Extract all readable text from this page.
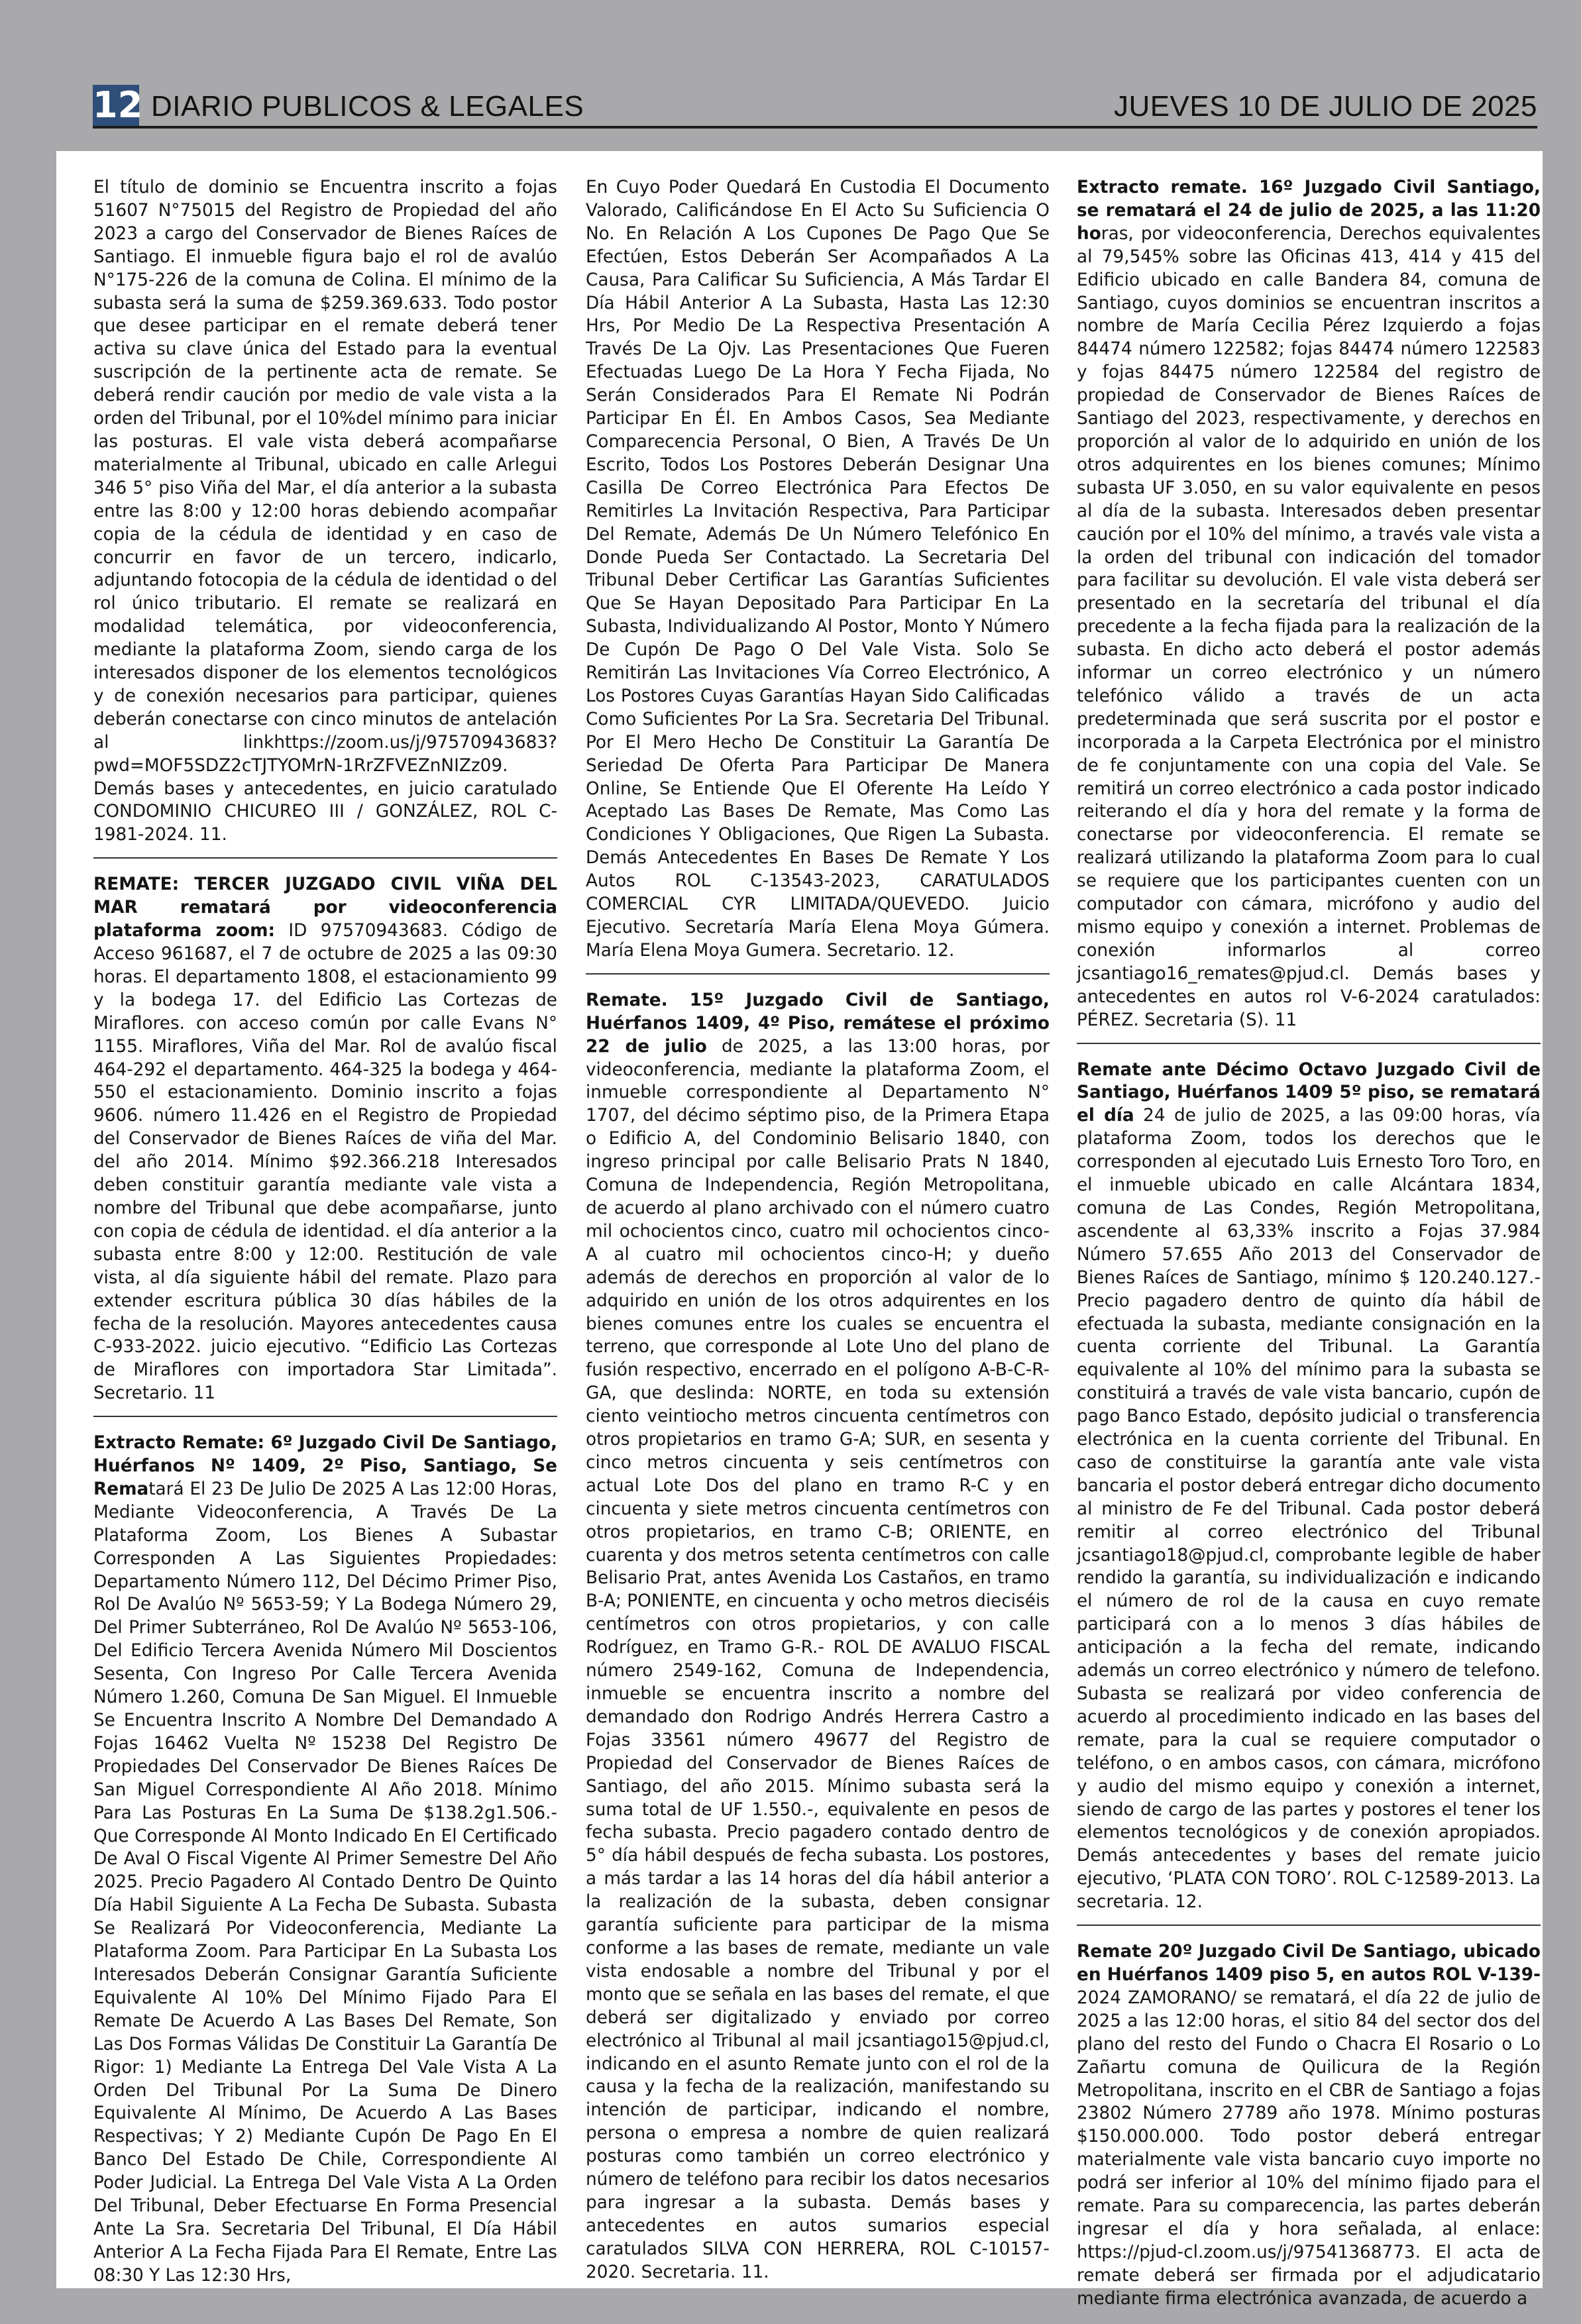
12 DIARIO PUBLICOS & LEGALES	JUEVES 10 DE JULIO DE 2025

El título de dominio se Encuentra inscrito a fojas 51607 N°75015 del Registro de Propiedad del año 2023 a cargo del Conservador de Bienes Raíces de Santiago. El inmueble figura bajo el rol de avalúo N°175-226 de la comuna de Colina. El mínimo de la subasta será la suma de $259.369.633. Todo postor que desee participar en el remate deberá tener activa su clave única del Estado para la eventual suscripción de la pertinente acta de remate. Se deberá rendir caución por medio de vale vista a la orden del Tribunal, por el 10%del mínimo para iniciar las posturas. El vale vista deberá acompañarse materialmente al Tribunal, ubicado en calle Arlegui 346 5° piso Viña del Mar, el día anterior a la subasta entre las 8:00 y 12:00 horas debiendo acompañar copia de la cédula de identidad y en caso de concurrir en favor de un tercero, indicarlo, adjuntando fotocopia de la cédula de identidad o del rol único tributario. El remate se realizará en modalidad telemática, por videoconferencia, mediante la plataforma Zoom, siendo carga de los interesados disponer de los elementos tecnológicos y de conexión necesarios para participar, quienes deberán conectarse con cinco minutos de antelación al linkhttps://zoom.us/j/97570943683?pwd=MOF5SDZ2cTJTYOMrN-1RrZFVEZnNIZz09. Demás bases y antecedentes, en juicio caratulado CONDOMINIO CHICUREO III / GONZÁLEZ, ROL C-1981-2024. 11.

REMATE: TERCER JUZGADO CIVIL VIÑA DEL MAR rematará por videoconferencia plataforma zoom: ID 97570943683. Código de Acceso 961687, el 7 de octubre de 2025 a las 09:30 horas. El departamento 1808, el estacionamiento 99 y la bodega 17. del Edificio Las Cortezas de Miraflores. con acceso común por calle Evans N° 1155. Miraflores, Viña del Mar. Rol de avalúo fiscal 464-292 el departamento. 464-325 la bodega y 464-550 el estacionamiento. Dominio inscrito a fojas 9606. número 11.426 en el Registro de Propiedad del Conservador de Bienes Raíces de viña del Mar. del año 2014. Mínimo $92.366.218 Interesados deben constituir garantía mediante vale vista a nombre del Tribunal que debe acompañarse, junto con copia de cédula de identidad. el día anterior a la subasta entre 8:00 y 12:00. Restitución de vale vista, al día siguiente hábil del remate. Plazo para extender escritura pública 30 días hábiles de la fecha de la resolución. Mayores antecedentes causa C-933-2022. juicio ejecutivo. “Edificio Las Cortezas de Miraflores con importadora Star Limitada”. Secretario. 11

Extracto Remate: 6º Juzgado Civil De Santiago, Huérfanos Nº 1409, 2º Piso, Santiago, Se Rematará El 23 De Julio De 2025 A Las 12:00 Horas, Mediante Videoconferencia, A Través De La Plataforma Zoom, Los Bienes A Subastar Corresponden A Las Siguientes Propiedades: Departamento Número 112, Del Décimo Primer Piso, Rol De Avalúo Nº 5653-59; Y La Bodega Número 29, Del Primer Subterráneo, Rol De Avalúo Nº 5653-106, Del Edificio Tercera Avenida Número Mil Doscientos Sesenta, Con Ingreso Por Calle Tercera Avenida Número 1.260, Comuna De San Miguel. El Inmueble Se Encuentra Inscrito A Nombre Del Demandado A Fojas 16462 Vuelta Nº 15238 Del Registro De Propiedades Del Conservador De Bienes Raíces De San Miguel Correspondiente Al Año 2018. Mínimo Para Las Posturas En La Suma De $138.2g1.506.- Que Corresponde Al Monto Indicado En El Certificado De Aval O Fiscal Vigente Al Primer Semestre Del Año 2025. Precio Pagadero Al Contado Dentro De Quinto Día Habil Siguiente A La Fecha De Subasta. Subasta Se Realizará Por Videoconferencia, Mediante La Plataforma Zoom. Para Participar En La Subasta Los Interesados Deberán Consignar Garantía Suficiente Equivalente Al 10% Del Mínimo Fijado Para El Remate De Acuerdo A Las Bases Del Remate, Son Las Dos Formas Válidas De Constituir La Garantía De Rigor: 1) Mediante La Entrega Del Vale Vista A La Orden Del Tribunal Por La Suma De Dinero Equivalente Al Mínimo, De Acuerdo A Las Bases Respectivas; Y 2) Mediante Cupón De Pago En El Banco Del Estado De Chile, Correspondiente Al Poder Judicial. La Entrega Del Vale Vista A La Orden Del Tribunal, Deber Efectuarse En Forma Presencial Ante La Sra. Secretaria Del Tribunal, El Día Hábil Anterior A La Fecha Fijada Para El Remate, Entre Las 08:30 Y Las 12:30 Hrs,

En Cuyo Poder Quedará En Custodia El Documento Valorado, Calificándose En El Acto Su Suficiencia O No. En Relación A Los Cupones De Pago Que Se Efectúen, Estos Deberán Ser Acompañados A La Causa, Para Calificar Su Suficiencia, A Más Tardar El Día Hábil Anterior A La Subasta, Hasta Las 12:30 Hrs, Por Medio De La Respectiva Presentación A Través De La Ojv. Las Presentaciones Que Fueren Efectuadas Luego De La Hora Y Fecha Fijada, No Serán Considerados Para El Remate Ni Podrán Participar En Él. En Ambos Casos, Sea Mediante Comparecencia Personal, O Bien, A Través De Un Escrito, Todos Los Postores Deberán Designar Una Casilla De Correo Electrónica Para Efectos De Remitirles La Invitación Respectiva, Para Participar Del Remate, Además De Un Número Telefónico En Donde Pueda Ser Contactado. La Secretaria Del Tribunal Deber Certificar Las Garantías Suficientes Que Se Hayan Depositado Para Participar En La Subasta, Individualizando Al Postor, Monto Y Número De Cupón De Pago O Del Vale Vista. Solo Se Remitirán Las Invitaciones Vía Correo Electrónico, A Los Postores Cuyas Garantías Hayan Sido Calificadas Como Suficientes Por La Sra. Secretaria Del Tribunal. Por El Mero Hecho De Constituir La Garantía De Seriedad De Oferta Para Participar De Manera Online, Se Entiende Que El Oferente Ha Leído Y Aceptado Las Bases De Remate, Mas Como Las Condiciones Y Obligaciones, Que Rigen La Subasta. Demás Antecedentes En Bases De Remate Y Los Autos ROL C-13543-2023, CARATULADOS COMERCIAL CYR LIMITADA/QUEVEDO. Juicio Ejecutivo. Secretaría María Elena Moya Gúmera. María Elena Moya Gumera. Secretario. 12.

Remate. 15º Juzgado Civil de Santiago, Huérfanos 1409, 4º Piso, remátese el próximo 22 de julio de 2025, a las 13:00 horas, por videoconferencia, mediante la plataforma Zoom, el inmueble correspondiente al Departamento N° 1707, del décimo séptimo piso, de la Primera Etapa o Edificio A, del Condominio Belisario 1840, con ingreso principal por calle Belisario Prats N 1840, Comuna de Independencia, Región Metropolitana, de acuerdo al plano archivado con el número cuatro mil ochocientos cinco, cuatro mil ochocientos cinco-A al cuatro mil ochocientos cinco-H; y dueño además de derechos en proporción al valor de lo adquirido en unión de los otros adquirentes en los bienes comunes entre los cuales se encuentra el terreno, que corresponde al Lote Uno del plano de fusión respectivo, encerrado en el polígono A-B-C-R-GA, que deslinda: NORTE, en toda su extensión ciento veintiocho metros cincuenta centímetros con otros propietarios en tramo G-A; SUR, en sesenta y cinco metros cincuenta y seis centímetros con actual Lote Dos del plano en tramo R-C y en cincuenta y siete metros cincuenta centímetros con otros propietarios, en tramo C-B; ORIENTE, en cuarenta y dos metros setenta centímetros con calle Belisario Prat, antes Avenida Los Castaños, en tramo B-A; PONIENTE, en cincuenta y ocho metros dieciséis centímetros con otros propietarios, y con calle Rodríguez, en Tramo G-R.- ROL DE AVALUO FISCAL número 2549-162, Comuna de Independencia, inmueble se encuentra inscrito a nombre del demandado don Rodrigo Andrés Herrera Castro a Fojas 33561 número 49677 del Registro de Propiedad del Conservador de Bienes Raíces de Santiago, del año 2015. Mínimo subasta será la suma total de UF 1.550.-, equivalente en pesos de fecha subasta. Precio pagadero contado dentro de 5° día hábil después de fecha subasta. Los postores, a más tardar a las 14 horas del día hábil anterior a la realización de la subasta, deben consignar garantía suficiente para participar de la misma conforme a las bases de remate, mediante un vale vista endosable a nombre del Tribunal y por el monto que se señala en las bases del remate, el que deberá ser digitalizado y enviado por correo electrónico al Tribunal al mail jcsantiago15@pjud.cl, indicando en el asunto Remate junto con el rol de la causa y la fecha de la realización, manifestando su intención de participar, indicando el nombre, persona o empresa a nombre de quien realizará posturas como también un correo electrónico y número de teléfono para recibir los datos necesarios para ingresar a la subasta. Demás bases y antecedentes en autos sumarios especial caratulados SILVA CON HERRERA, ROL C-10157-2020. Secretaria. 11.

Extracto remate. 16º Juzgado Civil Santiago, se rematará el 24 de julio de 2025, a las 11:20 horas, por videoconferencia, Derechos equivalentes al 79,545% sobre las Oficinas 413, 414 y 415 del Edificio ubicado en calle Bandera 84, comuna de Santiago, cuyos dominios se encuentran inscritos a nombre de María Cecilia Pérez Izquierdo a fojas 84474 número 122582; fojas 84474 número 122583 y fojas 84475 número 122584 del registro de propiedad de Conservador de Bienes Raíces de Santiago del 2023, respectivamente, y derechos en proporción al valor de lo adquirido en unión de los otros adquirentes en los bienes comunes; Mínimo subasta UF 3.050, en su valor equivalente en pesos al día de la subasta. Interesados deben presentar caución por el 10% del mínimo, a través vale vista a la orden del tribunal con indicación del tomador para facilitar su devolución. El vale vista deberá ser presentado en la secretaría del tribunal el día precedente a la fecha fijada para la realización de la subasta. En dicho acto deberá el postor además informar un correo electrónico y un número telefónico válido a través de un acta predeterminada que será suscrita por el postor e incorporada a la Carpeta Electrónica por el ministro de fe conjuntamente con una copia del Vale. Se remitirá un correo electrónico a cada postor indicado reiterando el día y hora del remate y la forma de conectarse por videoconferencia. El remate se realizará utilizando la plataforma Zoom para lo cual se requiere que los participantes cuenten con un computador con cámara, micrófono y audio del mismo equipo y conexión a internet. Problemas de conexión informarlos al correo jcsantiago16_remates@pjud.cl. Demás bases y antecedentes en autos rol V-6-2024 caratulados: PÉREZ. Secretaria (S). 11

Remate ante Décimo Octavo Juzgado Civil de Santiago, Huérfanos 1409 5º piso, se rematará el día 24 de julio de 2025, a las 09:00 horas, vía plataforma Zoom, todos los derechos que le corresponden al ejecutado Luis Ernesto Toro Toro, en el inmueble ubicado en calle Alcántara 1834, comuna de Las Condes, Región Metropolitana, ascendente al 63,33% inscrito a Fojas 37.984 Número 57.655 Año 2013 del Conservador de Bienes Raíces de Santiago, mínimo $ 120.240.127.- Precio pagadero dentro de quinto día hábil de efectuada la subasta, mediante consignación en la cuenta corriente del Tribunal. La Garantía equivalente al 10% del mínimo para la subasta se constituirá a través de vale vista bancario, cupón de pago Banco Estado, depósito judicial o transferencia electrónica en la cuenta corriente del Tribunal. En caso de constituirse la garantía ante vale vista bancaria el postor deberá entregar dicho documento al ministro de Fe del Tribunal. Cada postor deberá remitir al correo electrónico del Tribunal jcsantiago18@pjud.cl, comprobante legible de haber rendido la garantía, su individualización e indicando el número de rol de la causa en cuyo remate participará con a lo menos 3 días hábiles de anticipación a la fecha del remate, indicando además un correo electrónico y número de telefono. Subasta se realizará por video conferencia de acuerdo al procedimiento indicado en las bases del remate, para la cual se requiere computador o teléfono, o en ambos casos, con cámara, micrófono y audio del mismo equipo y conexión a internet, siendo de cargo de las partes y postores el tener los elementos tecnológicos y de conexión apropiados. Demás antecedentes y bases del remate juicio ejecutivo, ‘PLATA CON TORO’. ROL C-12589-2013. La secretaria. 12.

Remate 20º Juzgado Civil De Santiago, ubicado en Huérfanos 1409 piso 5, en autos ROL V-139-2024 ZAMORANO/ se rematará, el día 22 de julio de 2025 a las 12:00 horas, el sitio 84 del sector dos del plano del resto del Fundo o Chacra El Rosario o Lo Zañartu comuna de Quilicura de la Región Metropolitana, inscrito en el CBR de Santiago a fojas 23802 Número 27789 año 1978. Mínimo posturas $150.000.000. Todo postor deberá entregar materialmente vale vista bancario cuyo importe no podrá ser inferior al 10% del mínimo fijado para el remate. Para su comparecencia, las partes deberán ingresar el día y hora señalada, al enlace: https://pjud-cl.zoom.us/j/97541368773. El acta de remate deberá ser firmada por el adjudicatario mediante firma electrónica avanzada, de acuerdo a
